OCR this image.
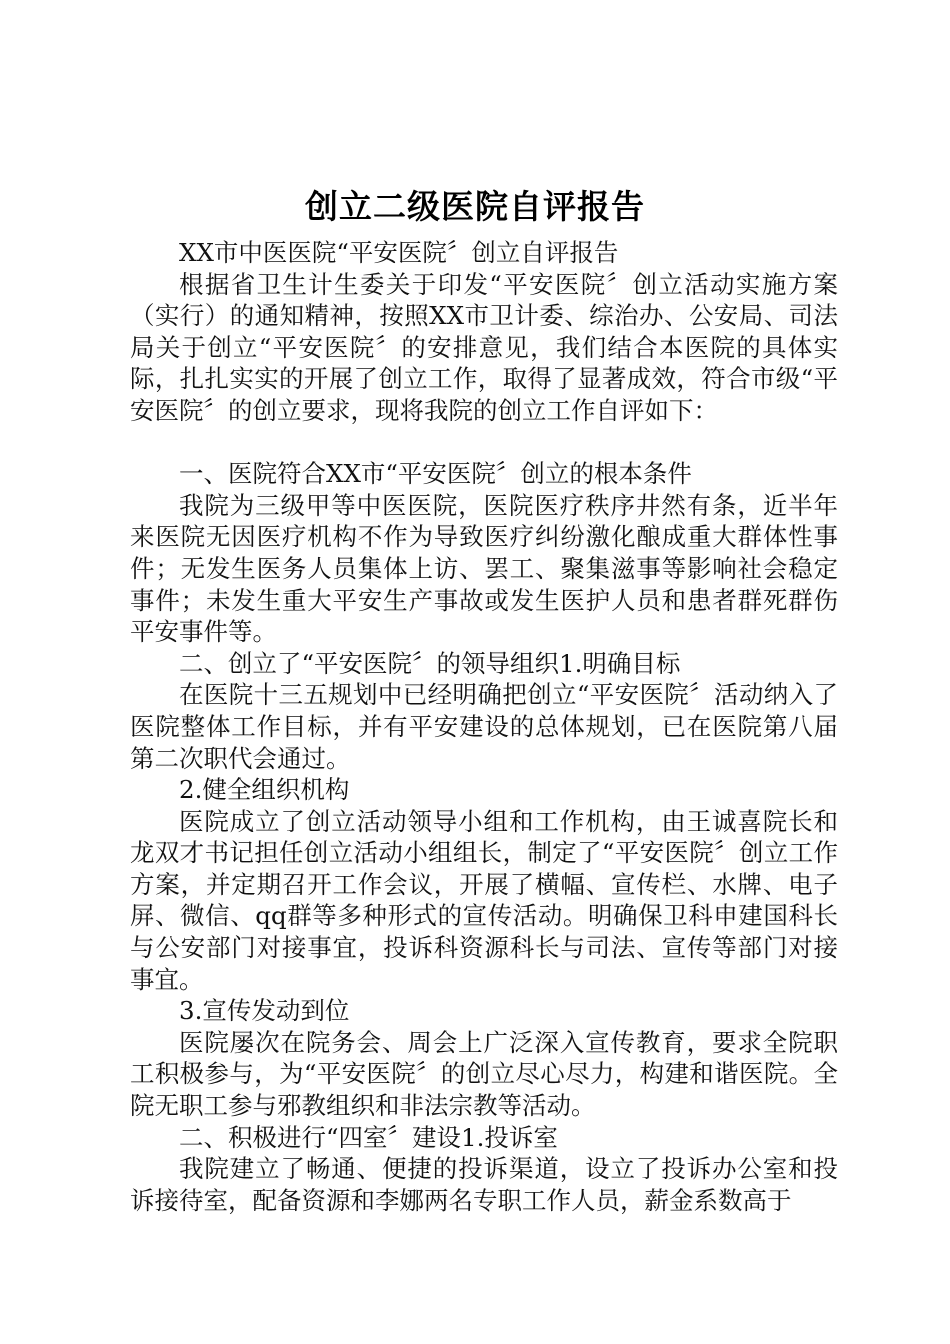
创立二级医院自评报告

XX市中医医院“平安医院〞创立自评报告

根据省卫生计生委关于印发“平安医院〞创立活动实施方案（实行）的通知精神，按照XX市卫计委、综治办、公安局、司法局关于创立“平安医院〞的安排意见，我们结合本医院的具体实际，扎扎实实的开展了创立工作，取得了显著成效，符合市级“平安医院〞的创立要求，现将我院的创立工作自评如下：

一、医院符合XX市“平安医院〞创立的根本条件

我院为三级甲等中医医院，医院医疗秩序井然有条，近半年来医院无因医疗机构不作为导致医疗纠纷激化酿成重大群体性事件；无发生医务人员集体上访、罢工、聚集滋事等影响社会稳定事件；未发生重大平安生产事故或发生医护人员和患者群死群伤平安事件等。

二、创立了“平安医院〞的领导组织1.明确目标

在医院十三五规划中已经明确把创立“平安医院〞活动纳入了医院整体工作目标，并有平安建设的总体规划，已在医院第八届第二次职代会通过。

2.健全组织机构

医院成立了创立活动领导小组和工作机构，由王诚喜院长和龙双才书记担任创立活动小组组长，制定了“平安医院〞创立工作方案，并定期召开工作会议，开展了横幅、宣传栏、水牌、电子屏、微信、qq群等多种形式的宣传活动。明确保卫科申建国科长与公安部门对接事宜，投诉科资源科长与司法、宣传等部门对接事宜。

3.宣传发动到位

医院屡次在院务会、周会上广泛深入宣传教育，要求全院职工积极参与，为“平安医院〞的创立尽心尽力，构建和谐医院。全院无职工参与邪教组织和非法宗教等活动。

二、积极进行“四室〞建设1.投诉室

我院建立了畅通、便捷的投诉渠道，设立了投诉办公室和投诉接待室，配备资源和李娜两名专职工作人员，薪金系数高于
